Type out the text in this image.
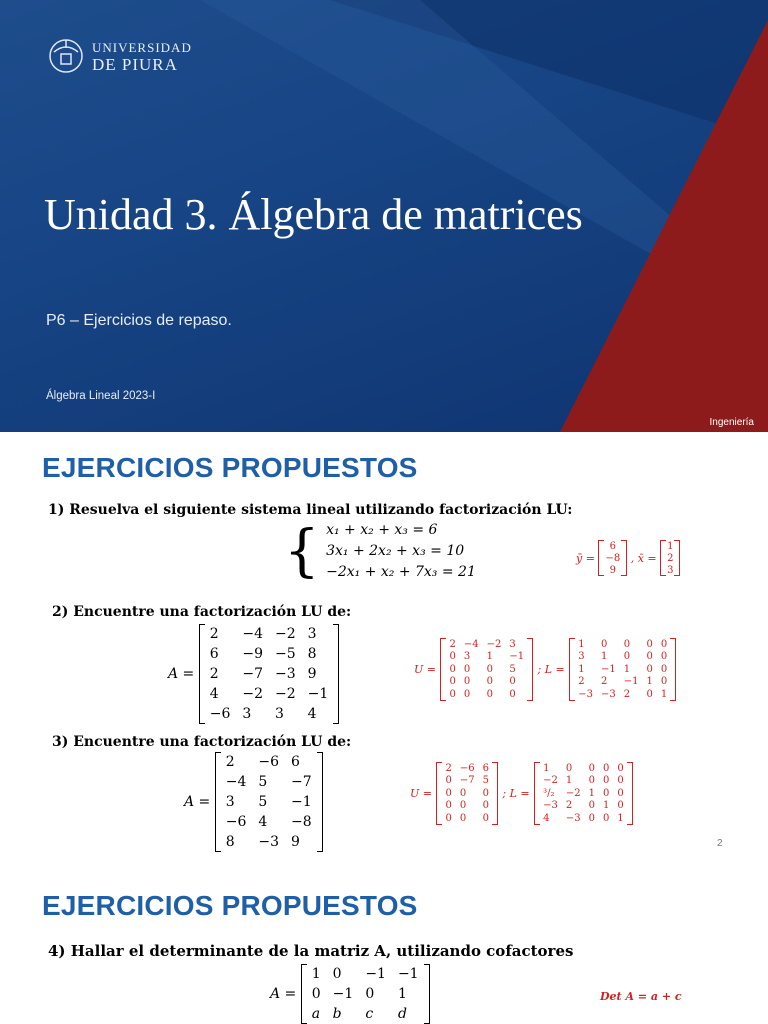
UNIVERSIDAD
DE PIURA
Unidad 3. Álgebra de matrices
P6 – Ejercicios de repaso.
Álgebra Lineal 2023-I
Ingeniería
EJERCICIOS PROPUESTOS
1) Resuelva el siguiente sistema lineal utilizando factorización LU:
{ x₁ + x₂ + x₃ = 6
3x₁ + 2x₂ + x₃ = 10
−2x₁ + x₂ + 7x₃ = 21
ȳ =
6
−8
9
, x̄ =
1
2
3
2) Encuentre una factorización LU de:
A =
2	−4	−2	3
6	−9	−5	8
2	−7	−3	9
4	−2	−2	−1
−6	3	3	4
U =
2	−4	−2	3
0	3	1	−1
0	0	0	5
0	0	0	0
0	0	0	0
; L =
1	0	0	0	0
3	1	0	0	0
1	−1	1	0	0
2	2	−1	1	0
−3	−3	2	0	1
3) Encuentre una factorización LU de:
A =
2	−6	6
−4	5	−7
3	5	−1
−6	4	−8
8	−3	9
U =
2	−6	6
0	−7	5
0	0	0
0	0	0
0	0	0
; L =
1	0	0	0	0
−2	1	0	0	0
³/₂	−2	1	0	0
−3	2	0	1	0
4	−3	0	0	1
2
EJERCICIOS PROPUESTOS
4) Hallar el determinante de la matriz A, utilizando cofactores
A =
1	0	−1	−1
0	−1	0	1
a	b	c	d
Det A = a + c
